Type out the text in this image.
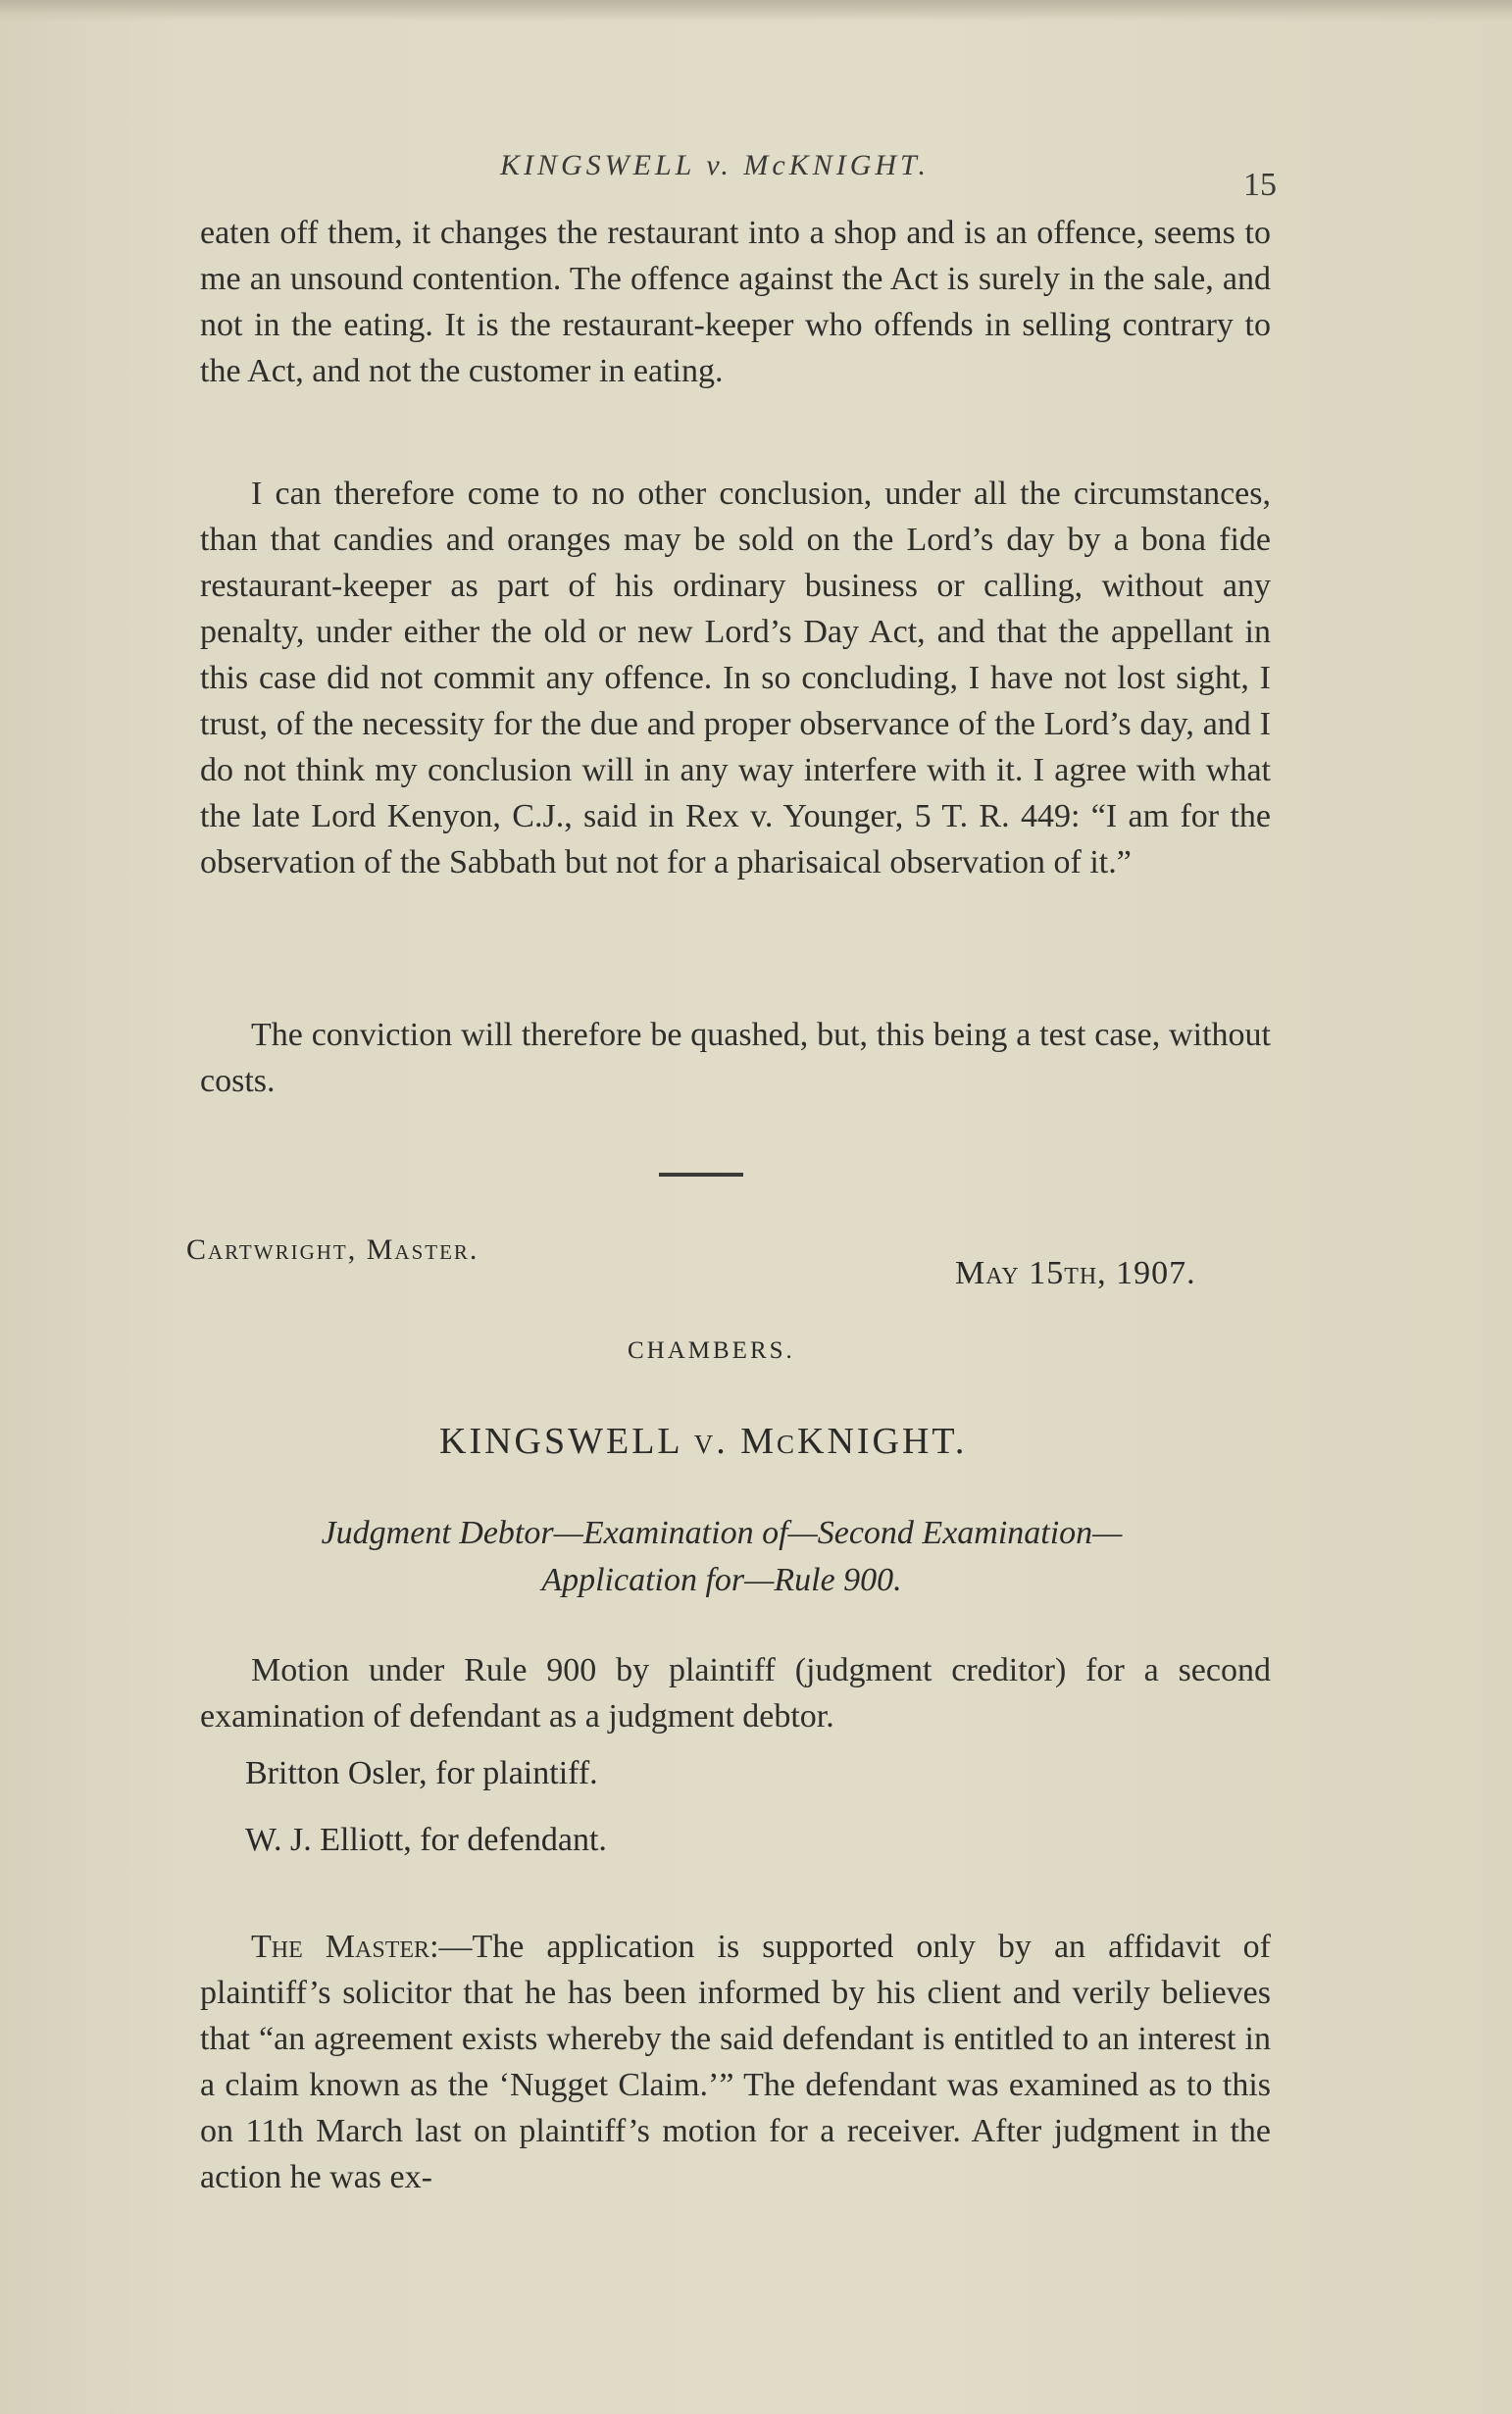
KINGSWELL v. McKNIGHT.
15

eaten off them, it changes the restaurant into a shop and is an offence, seems to me an unsound contention. The offence against the Act is surely in the sale, and not in the eating. It is the restaurant-keeper who offends in selling contrary to the Act, and not the customer in eating.

I can therefore come to no other conclusion, under all the circumstances, than that candies and oranges may be sold on the Lord’s day by a bona fide restaurant-keeper as part of his ordinary business or calling, without any penalty, under either the old or new Lord’s Day Act, and that the appellant in this case did not commit any offence. In so concluding, I have not lost sight, I trust, of the necessity for the due and proper observance of the Lord’s day, and I do not think my conclusion will in any way interfere with it. I agree with what the late Lord Kenyon, C.J., said in Rex v. Younger, 5 T. R. 449: “I am for the observation of the Sabbath but not for a pharisaical observation of it.”

The conviction will therefore be quashed, but, this being a test case, without costs.

Cartwright, Master.
May 15th, 1907.
CHAMBERS.
KINGSWELL v. McKNIGHT.
Judgment Debtor—Examination of—Second Examination—
Application for—Rule 900.

Motion under Rule 900 by plaintiff (judgment creditor) for a second examination of defendant as a judgment debtor.

Britton Osler, for plaintiff.
W. J. Elliott, for defendant.

The Master:—The application is supported only by an affidavit of plaintiff’s solicitor that he has been informed by his client and verily believes that “an agreement exists whereby the said defendant is entitled to an interest in a claim known as the ‘Nugget Claim.’” The defendant was examined as to this on 11th March last on plaintiff’s motion for a receiver. After judgment in the action he was ex-
